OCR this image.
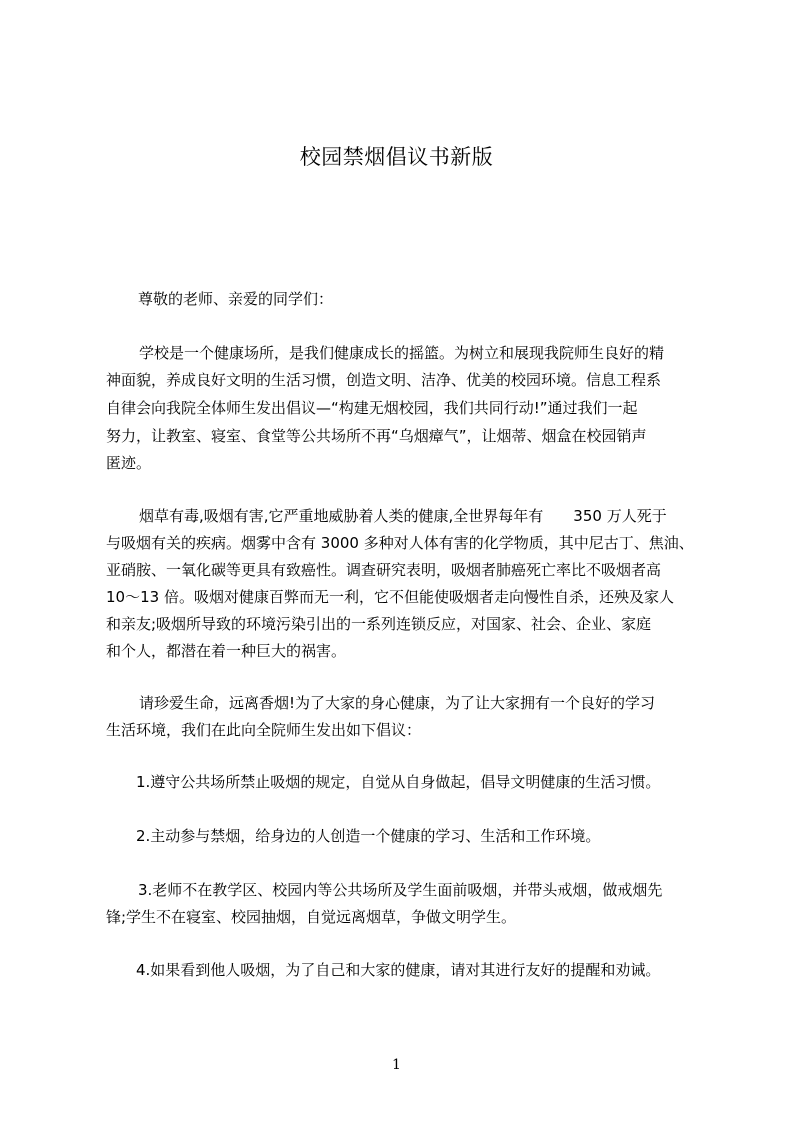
校园禁烟倡议书新版
尊敬的老师、亲爱的同学们：
学校是一个健康场所，是我们健康成长的摇篮。为树立和展现我院师生良好的精
神面貌，养成良好文明的生活习惯，创造文明、洁净、优美的校园环境。信息工程系
自律会向我院全体师生发出倡议—“构建无烟校园，我们共同行动!”通过我们一起
努力，让教室、寝室、食堂等公共场所不再“乌烟瘴气”，让烟蒂、烟盒在校园销声
匿迹。
烟草有毒,吸烟有害,它严重地威胁着人类的健康,全世界每年有　　350 万人死于
与吸烟有关的疾病。烟雾中含有 3000 多种对人体有害的化学物质，其中尼古丁、焦油、
亚硝胺、一氧化碳等更具有致癌性。调查研究表明，吸烟者肺癌死亡率比不吸烟者高
10～13 倍。吸烟对健康百弊而无一利，它不但能使吸烟者走向慢性自杀，还殃及家人
和亲友;吸烟所导致的环境污染引出的一系列连锁反应，对国家、社会、企业、家庭
和个人，都潜在着一种巨大的祸害。
请珍爱生命，远离香烟!为了大家的身心健康，为了让大家拥有一个良好的学习
生活环境，我们在此向全院师生发出如下倡议：
1.遵守公共场所禁止吸烟的规定，自觉从自身做起，倡导文明健康的生活习惯。
2.主动参与禁烟，给身边的人创造一个健康的学习、生活和工作环境。
3.老师不在教学区、校园内等公共场所及学生面前吸烟，并带头戒烟，做戒烟先
锋;学生不在寝室、校园抽烟，自觉远离烟草，争做文明学生。
4.如果看到他人吸烟，为了自己和大家的健康，请对其进行友好的提醒和劝诫。
1
